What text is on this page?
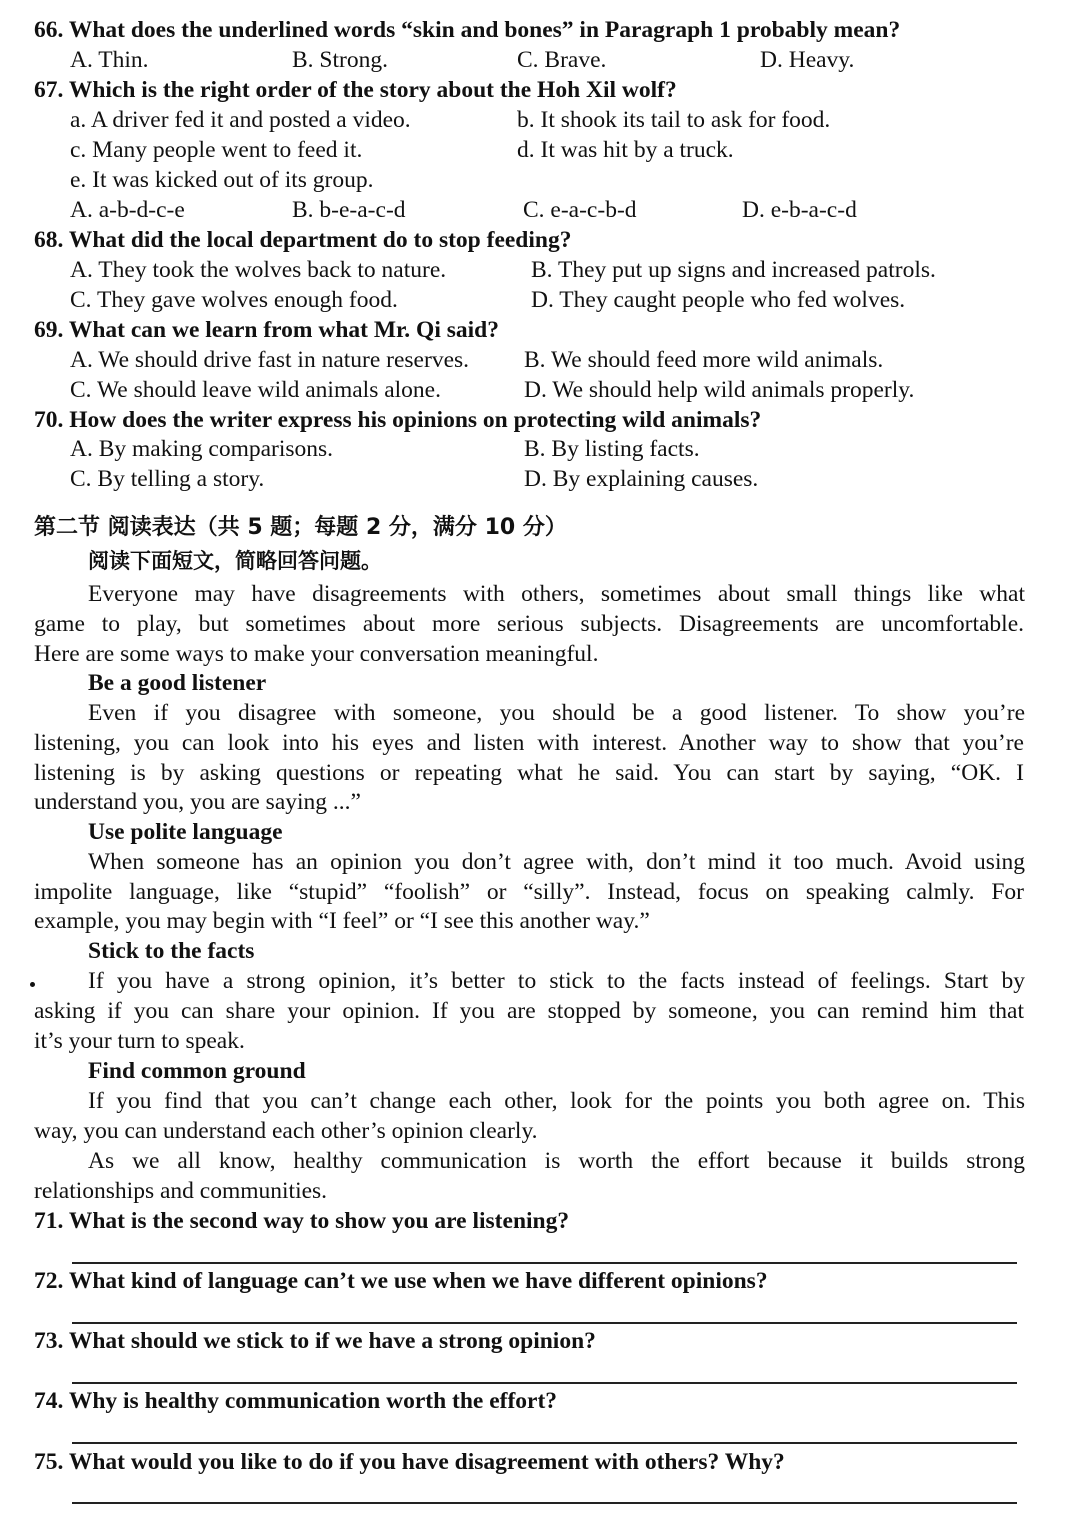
66. What does the underlined words “skin and bones” in Paragraph 1 probably mean?
A. Thin.	B. Strong.	C. Brave.	D. Heavy.
67. Which is the right order of the story about the Hoh Xil wolf?
a. A driver fed it and posted a video.	b. It shook its tail to ask for food.
c. Many people went to feed it.	d. It was hit by a truck.
e. It was kicked out of its group.
A. a-b-d-c-e	B. b-e-a-c-d	C. e-a-c-b-d	D. e-b-a-c-d
68. What did the local department do to stop feeding?
A. They took the wolves back to nature.	B. They put up signs and increased patrols.
C. They gave wolves enough food.	D. They caught people who fed wolves.
69. What can we learn from what Mr. Qi said?
A. We should drive fast in nature reserves. B. We should feed more wild animals.
C. We should leave wild animals alone.	D. We should help wild animals properly.
70. How does the writer express his opinions on protecting wild animals?
A. By making comparisons.	B. By listing facts.
C. By telling a story.	D. By explaining causes.
第二节 阅读表达（共 5 题；每题 2 分，满分 10 分）
阅读下面短文，简略回答问题。
Everyone may have disagreements with others, sometimes about small things like what
game to play, but sometimes about more serious subjects. Disagreements are uncomfortable.
Here are some ways to make your conversation meaningful.
Be a good listener
Even if you disagree with someone, you should be a good listener. To show you’re
listening, you can look into his eyes and listen with interest. Another way to show that you’re
listening is by asking questions or repeating what he said. You can start by saying, “OK. I
understand you, you are saying ...”
Use polite language
When someone has an opinion you don’t agree with, don’t mind it too much. Avoid using
impolite language, like “stupid” “foolish” or “silly”. Instead, focus on speaking calmly. For
example, you may begin with “I feel” or “I see this another way.”
Stick to the facts
If you have a strong opinion, it’s better to stick to the facts instead of feelings. Start by
asking if you can share your opinion. If you are stopped by someone, you can remind him that
it’s your turn to speak.
Find common ground
If you find that you can’t change each other, look for the points you both agree on. This
way, you can understand each other’s opinion clearly.
As we all know, healthy communication is worth the effort because it builds strong
relationships and communities.
71. What is the second way to show you are listening?
72. What kind of language can’t we use when we have different opinions?
73. What should we stick to if we have a strong opinion?
74. Why is healthy communication worth the effort?
75. What would you like to do if you have disagreement with others? Why?
